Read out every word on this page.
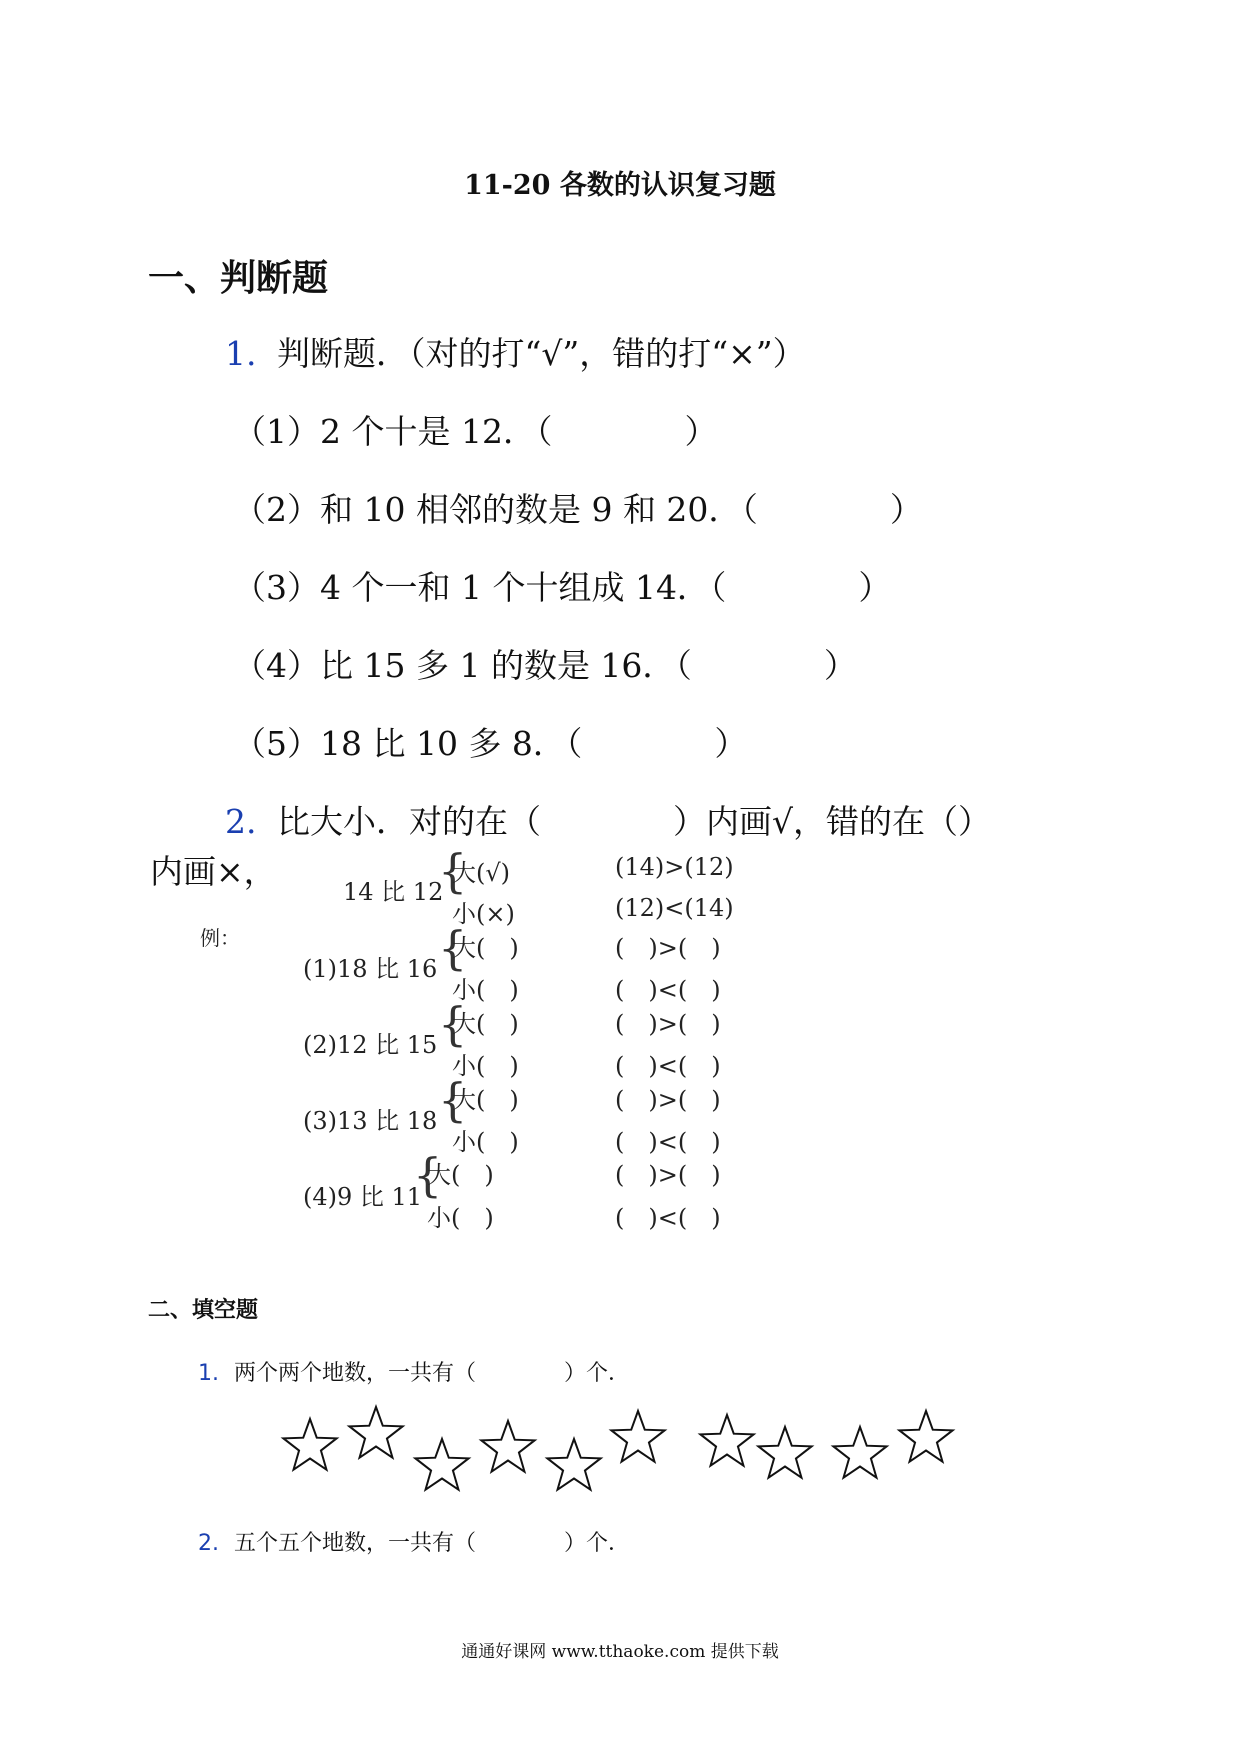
11-20 各数的认识复习题
一、判断题
1. 判断题．（对的打“√”，错的打“×”）
（1）2 个十是 12．（　　　　）
（2）和 10 相邻的数是 9 和 20．（　　　　）
（3）4 个一和 1 个十组成 14．（　　　　）
（4）比 15 多 1 的数是 16．（　　　　）
（5）18 比 10 多 8．（　　　　）
2. 比大小．对的在（　　　　）内画√，错的在（）
内画×，
例：
14 比 12
{
大(√)
小(×)
(14)>(12)
(12)<(14)
(1)18 比 16 {
大(　)
小(　)
(　)>(　)
(　)<(　)
(2)12 比 15 {
大(　)
小(　)
(　)>(　)
(　)<(　)
(3)13 比 18 {
大(　)
小(　)
(　)>(　)
(　)<(　)
(4)9 比 11
{
大(　)
小(　)
(　)>(　)
(　)<(　)
二、填空题
1. 两个两个地数，一共有（　　　　）个．
2. 五个五个地数，一共有（　　　　）个．
通通好课网 www.tthaoke.com 提供下载
